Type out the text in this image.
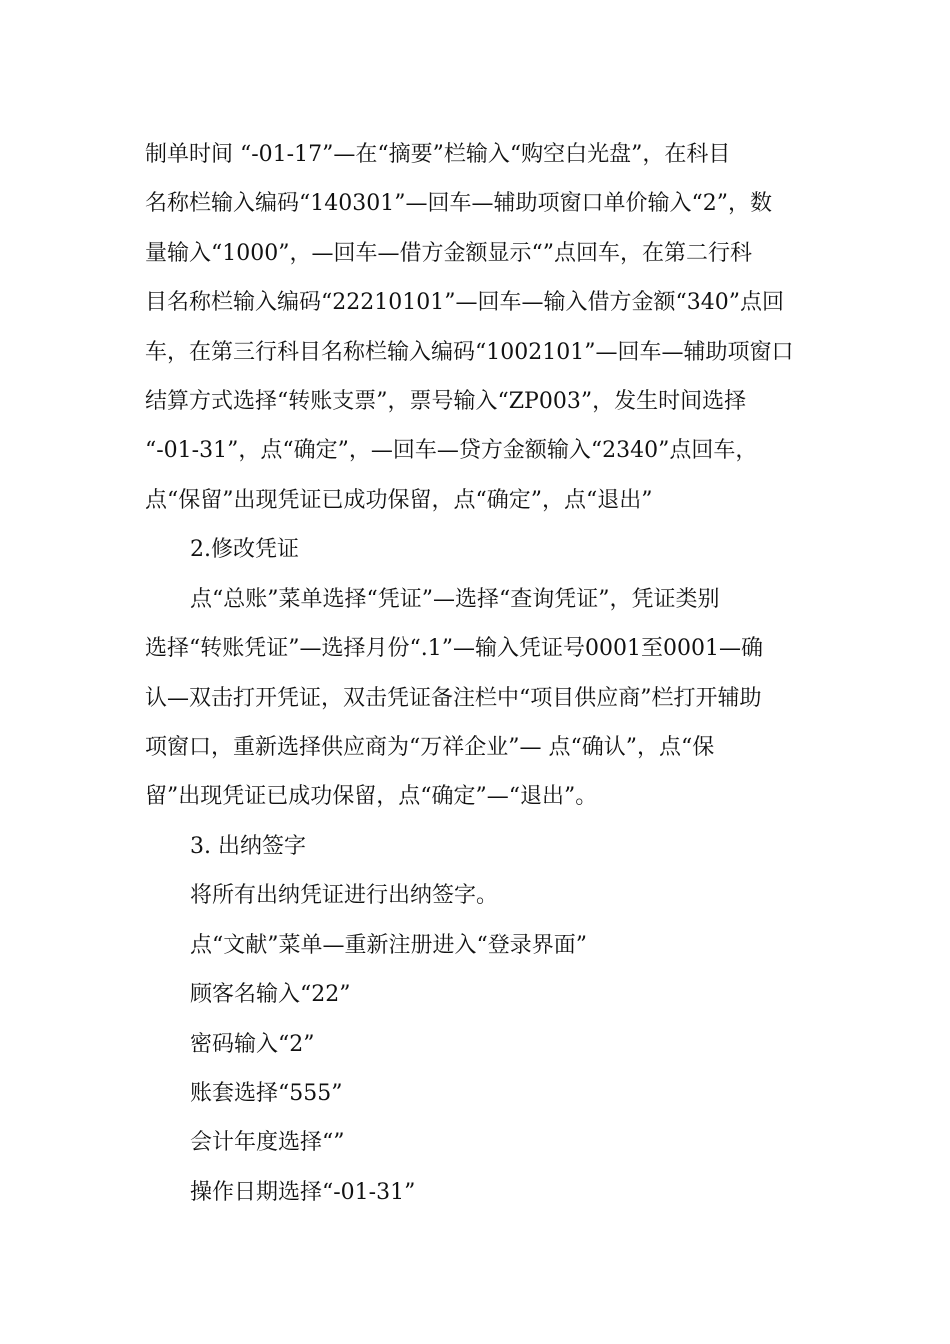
制单时间 “-01-17”—在“摘要”栏输入“购空白光盘”，在科目
名称栏输入编码“140301”—回车—辅助项窗口单价输入“2”，数
量输入“1000”，—回车—借方金额显示“”点回车，在第二行科
目名称栏输入编码“22210101”—回车—输入借方金额“340”点回
车，在第三行科目名称栏输入编码“1002101”—回车—辅助项窗口
结算方式选择“转账支票”，票号输入“ZP003”，发生时间选择
“-01-31”，点“确定”，—回车—贷方金额输入“2340”点回车，
点“保留”出现凭证已成功保留，点“确定”，点“退出”
2.修改凭证
点“总账”菜单选择“凭证”—选择“查询凭证”，凭证类别
选择“转账凭证”—选择月份“.1”—输入凭证号0001至0001—确
认—双击打开凭证，双击凭证备注栏中“项目供应商”栏打开辅助
项窗口，重新选择供应商为“万祥企业”— 点“确认”，点“保
留”出现凭证已成功保留，点“确定”—“退出”。
3. 出纳签字
将所有出纳凭证进行出纳签字。
点“文献”菜单—重新注册进入“登录界面”
顾客名输入“22”
密码输入“2”
账套选择“555”
会计年度选择“”
操作日期选择“-01-31”
